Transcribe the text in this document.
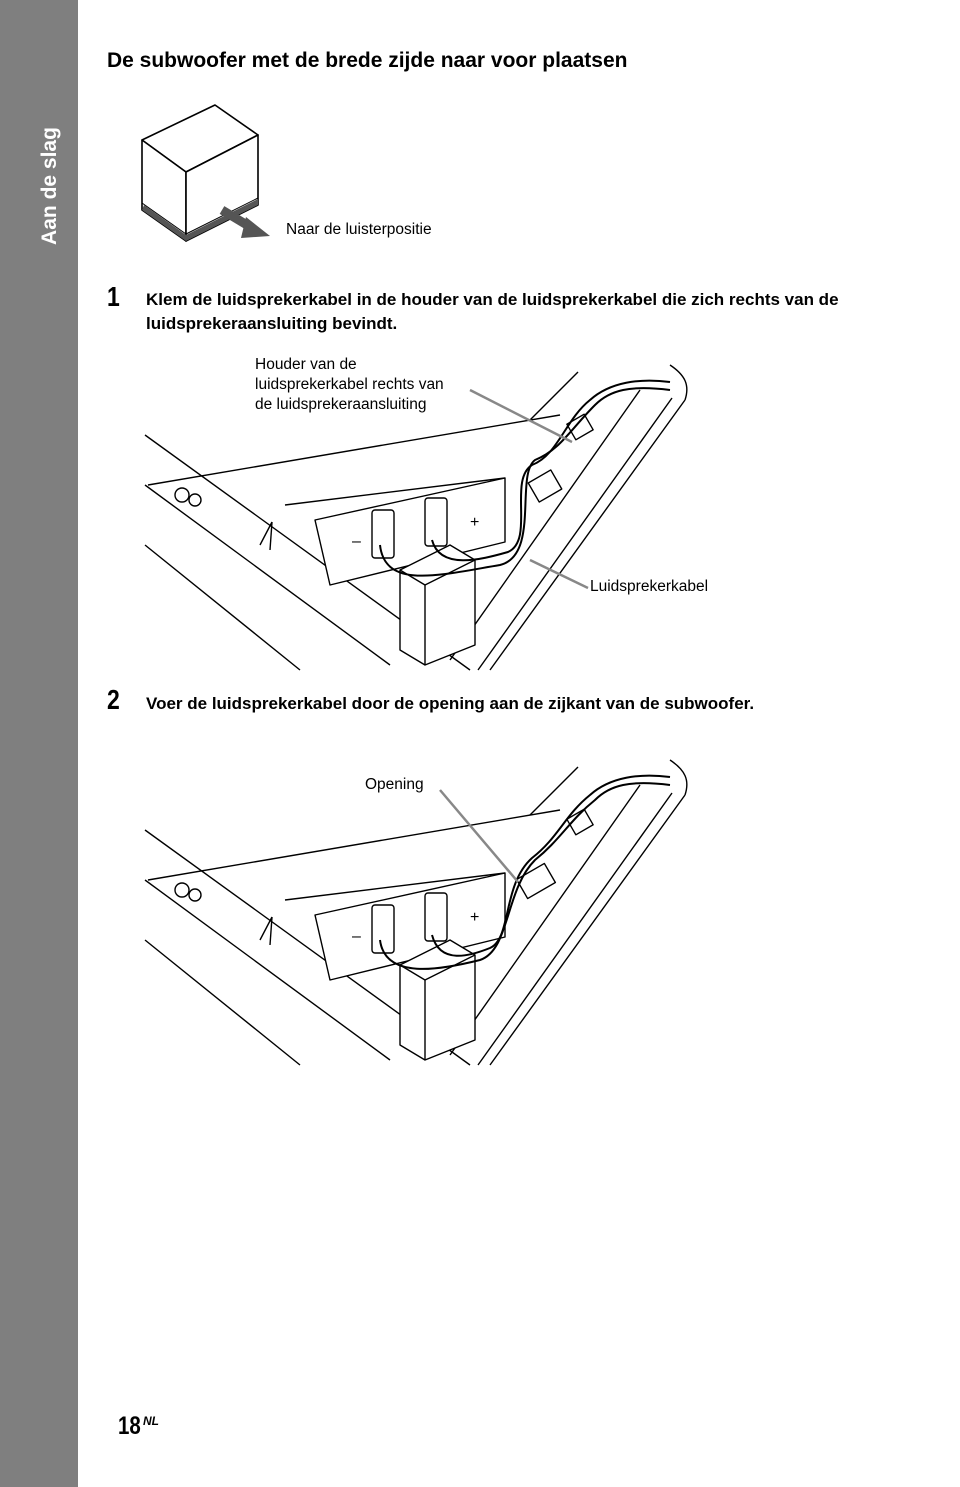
Aan de slag
De subwoofer met de brede zijde naar voor plaatsen
Naar de luisterpositie
1 Klem de luidsprekerkabel in de houder van de luidsprekerkabel die zich rechts van de luidsprekeraansluiting bevindt.
Houder van de
luidsprekerkabel rechts van
de luidsprekeraansluiting
Luidsprekerkabel
–
+
2 Voer de luidsprekerkabel door de opening aan de zijkant van de subwoofer.
Opening
–
+
18 NL
